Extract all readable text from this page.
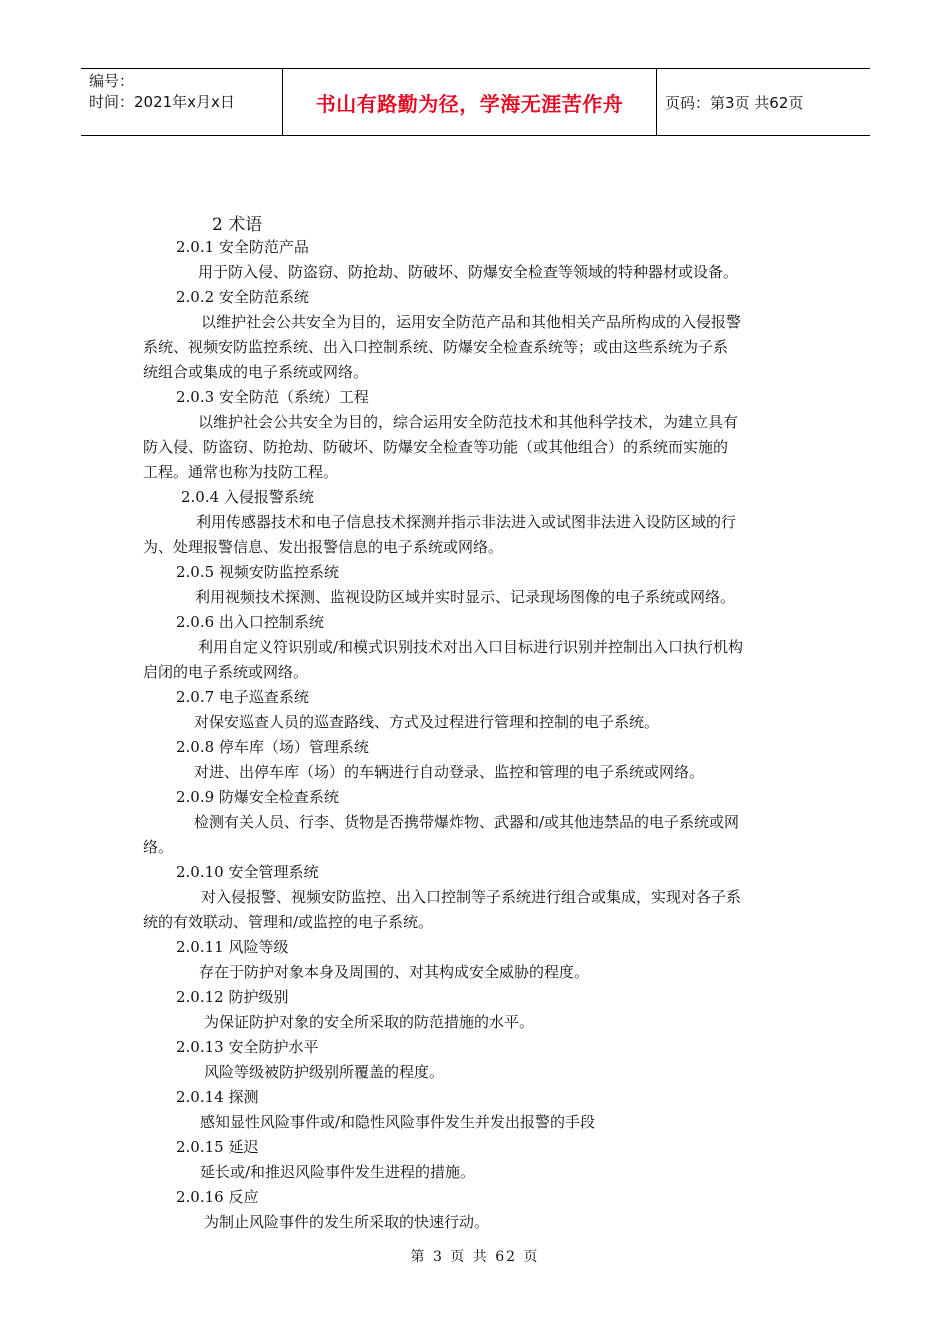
编号：
时间：2021年x月x日	书山有路勤为径，学海无涯苦作舟	页码：第3页 共62页
2 术语
2.0.1 安全防范产品
用于防入侵、防盗窃、防抢劫、防破坏、防爆安全检查等领域的特种器材或设备。
2.0.2 安全防范系统
以维护社会公共安全为目的，运用安全防范产品和其他相关产品所构成的入侵报警
系统、视频安防监控系统、出入口控制系统、防爆安全检查系统等；或由这些系统为子系
统组合或集成的电子系统或网络。
2.0.3 安全防范（系统）工程
以维护社会公共安全为目的，综合运用安全防范技术和其他科学技术，为建立具有
防入侵、防盗窃、防抢劫、防破坏、防爆安全检查等功能（或其他组合）的系统而实施的
工程。通常也称为技防工程。
2.0.4 入侵报警系统
利用传感器技术和电子信息技术探测并指示非法进入或试图非法进入设防区域的行
为、处理报警信息、发出报警信息的电子系统或网络。
2.0.5 视频安防监控系统
利用视频技术探测、监视设防区域并实时显示、记录现场图像的电子系统或网络。
2.0.6 出入口控制系统
利用自定义符识别或/和模式识别技术对出入口目标进行识别并控制出入口执行机构
启闭的电子系统或网络。
2.0.7 电子巡查系统
对保安巡查人员的巡查路线、方式及过程进行管理和控制的电子系统。
2.0.8 停车库（场）管理系统
对进、出停车库（场）的车辆进行自动登录、监控和管理的电子系统或网络。
2.0.9 防爆安全检查系统
检测有关人员、行李、货物是否携带爆炸物、武器和/或其他违禁品的电子系统或网
络。
2.0.10 安全管理系统
对入侵报警、视频安防监控、出入口控制等子系统进行组合或集成，实现对各子系
统的有效联动、管理和/或监控的电子系统。
2.0.11 风险等级
存在于防护对象本身及周围的、对其构成安全威胁的程度。
2.0.12 防护级别
为保证防护对象的安全所采取的防范措施的水平。
2.0.13 安全防护水平
风险等级被防护级别所覆盖的程度。
2.0.14 探测
感知显性风险事件或/和隐性风险事件发生并发出报警的手段
2.0.15 延迟
延长或/和推迟风险事件发生进程的措施。
2.0.16 反应
为制止风险事件的发生所采取的快速行动。
第 3 页 共 62 页
